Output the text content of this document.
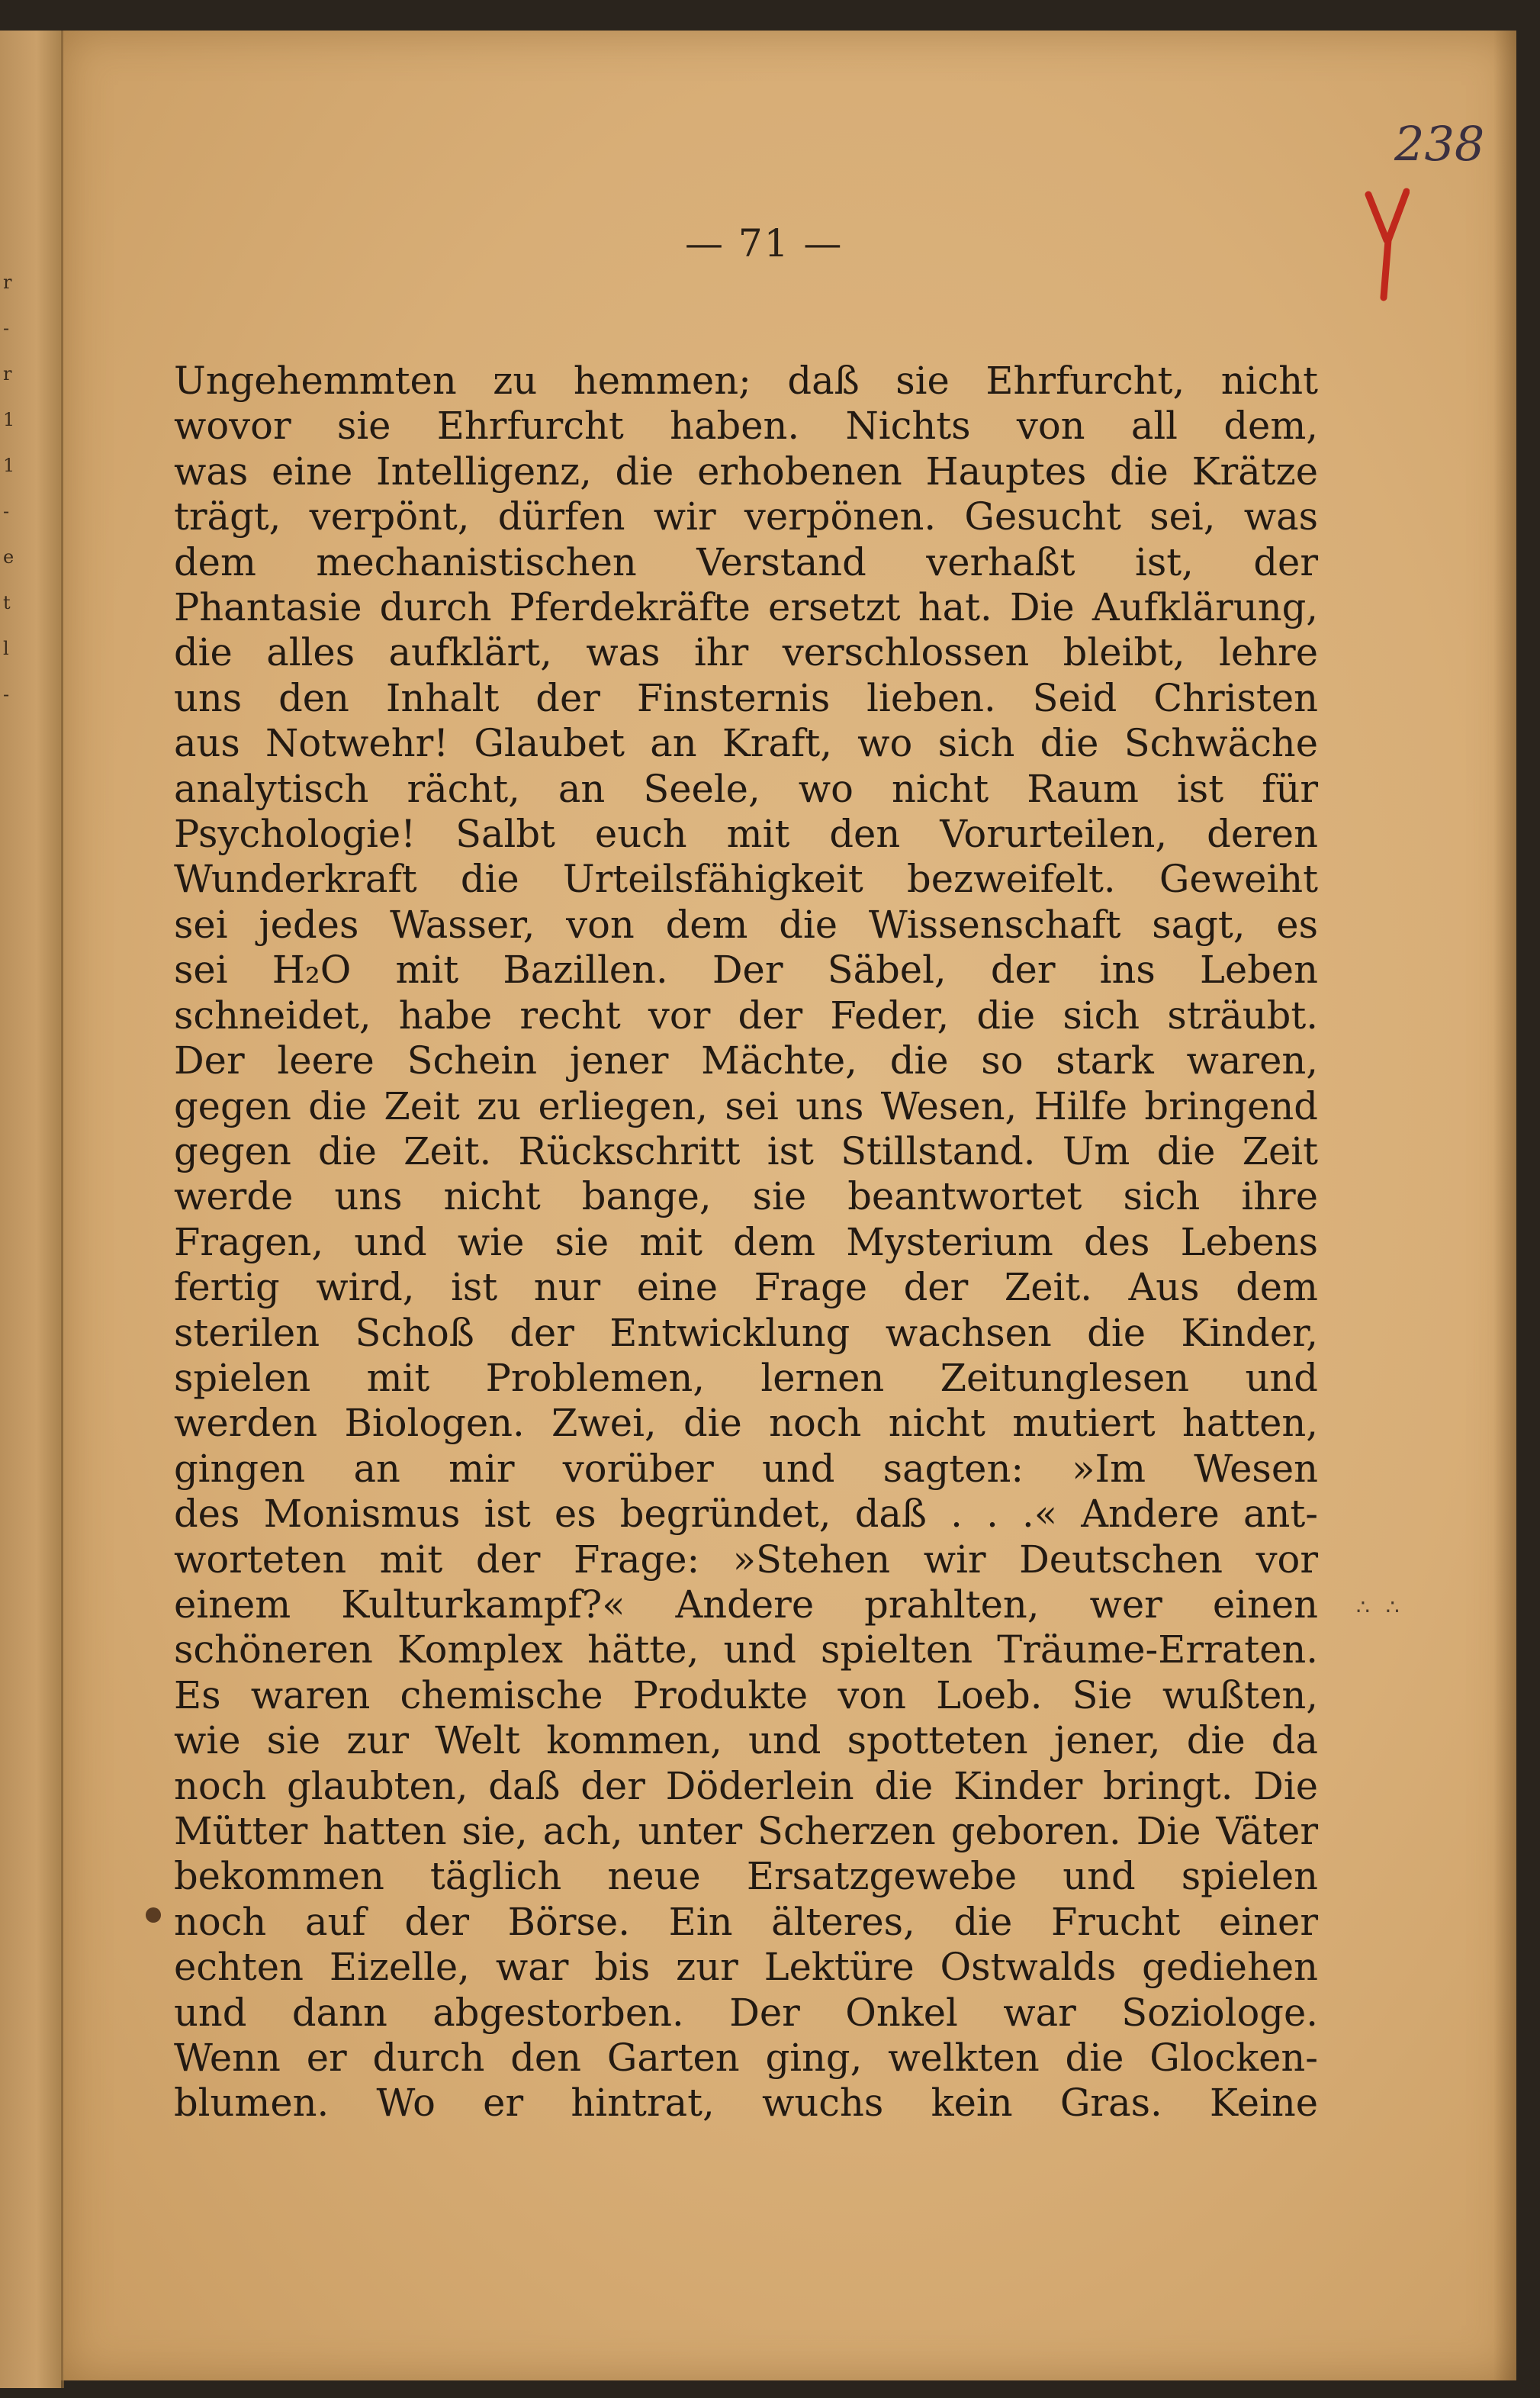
r
-
r
1
1
-
e
t
l
-
238
— 71 —
Ungehemmten zu hemmen; daß sie Ehrfurcht, nicht
wovor sie Ehrfurcht haben. Nichts von all dem,
was eine Intelligenz, die erhobenen Hauptes die Krätze
trägt, verpönt, dürfen wir verpönen. Gesucht sei, was
dem mechanistischen Verstand verhaßt ist, der
Phantasie durch Pferdekräfte ersetzt hat. Die Aufklärung,
die alles aufklärt, was ihr verschlossen bleibt, lehre
uns den Inhalt der Finsternis lieben. Seid Christen
aus Notwehr! Glaubet an Kraft, wo sich die Schwäche
analytisch rächt, an Seele, wo nicht Raum ist für
Psychologie! Salbt euch mit den Vorurteilen, deren
Wunderkraft die Urteilsfähigkeit bezweifelt. Geweiht
sei jedes Wasser, von dem die Wissenschaft sagt, es
sei H₂O mit Bazillen. Der Säbel, der ins Leben
schneidet, habe recht vor der Feder, die sich sträubt.
Der leere Schein jener Mächte, die so stark waren,
gegen die Zeit zu erliegen, sei uns Wesen, Hilfe bringend
gegen die Zeit. Rückschritt ist Stillstand. Um die Zeit
werde uns nicht bange, sie beantwortet sich ihre
Fragen, und wie sie mit dem Mysterium des Lebens
fertig wird, ist nur eine Frage der Zeit. Aus dem
sterilen Schoß der Entwicklung wachsen die Kinder,
spielen mit Problemen, lernen Zeitunglesen und
werden Biologen. Zwei, die noch nicht mutiert hatten,
gingen an mir vorüber und sagten: »Im Wesen
des Monismus ist es begründet, daß . . .« Andere ant-
worteten mit der Frage: »Stehen wir Deutschen vor
einem Kulturkampf?« Andere prahlten, wer einen
schöneren Komplex hätte, und spielten Träume-Erraten.
Es waren chemische Produkte von Loeb. Sie wußten,
wie sie zur Welt kommen, und spotteten jener, die da
noch glaubten, daß der Döderlein die Kinder bringt. Die
Mütter hatten sie, ach, unter Scherzen geboren. Die Väter
bekommen täglich neue Ersatzgewebe und spielen
noch auf der Börse. Ein älteres, die Frucht einer
echten Eizelle, war bis zur Lektüre Ostwalds gediehen
und dann abgestorben. Der Onkel war Soziologe.
Wenn er durch den Garten ging, welkten die Glocken-
blumen. Wo er hintrat, wuchs kein Gras. Keine
∴ ∴
